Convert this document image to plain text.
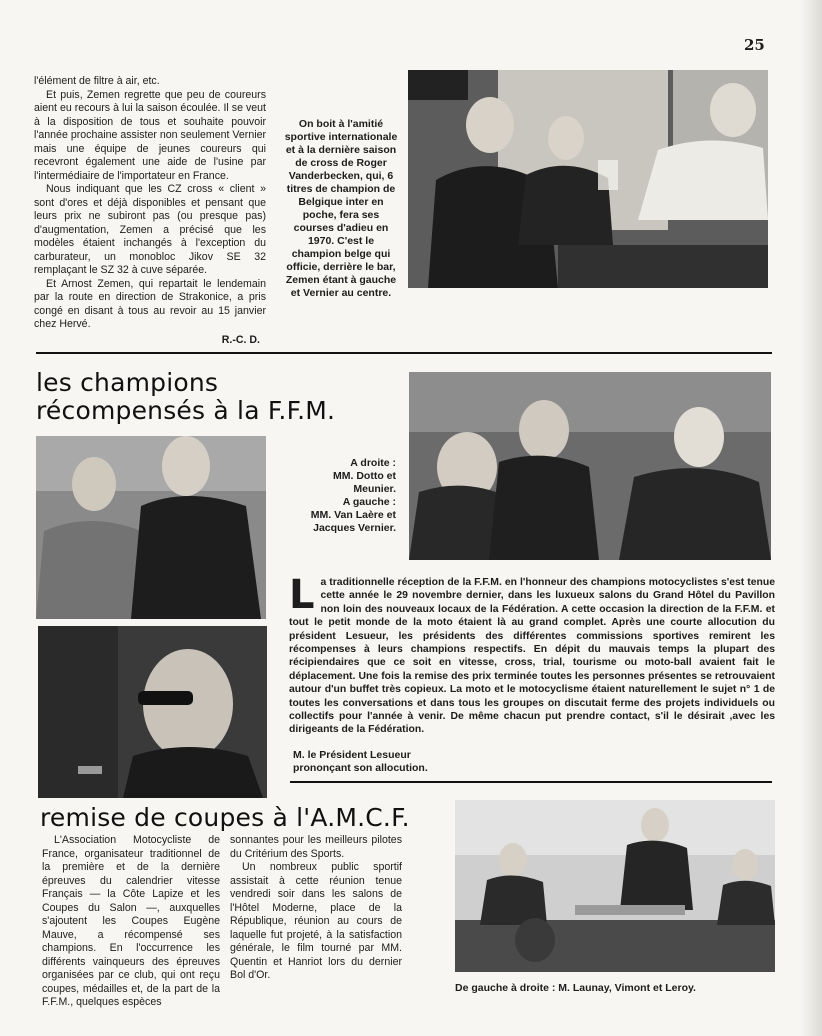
25

l'élément de filtre à air, etc.

Et puis, Zemen regrette que peu de coureurs aient eu recours à lui la saison écoulée. Il se veut à la disposition de tous et souhaite pouvoir l'année prochaine assister non seulement Vernier mais une équipe de jeunes coureurs qui recevront également une aide de l'usine par l'intermédiaire de l'importateur en France.

Nous indiquant que les CZ cross « client » sont d'ores et déjà disponibles et pensant que leurs prix ne subiront pas (ou presque pas) d'augmentation, Zemen a précisé que les modèles étaient inchangés à l'exception du carburateur, un monobloc Jikov SE 32 remplaçant le SZ 32 à cuve séparée.

Et Arnost Zemen, qui repartait le lendemain par la route en direction de Strakonice, a pris congé en disant à tous au revoir au 15 janvier chez Hervé.

R.-C. D.
On boit à l'amitié sportive internationale et à la dernière saison de cross de Roger Vanderbecken, qui, 6 titres de champion de Belgique inter en poche, fera ses courses d'adieu en 1970. C'est le champion belge qui officie, derrière le bar, Zemen étant à gauche et Vernier au centre.
les champions
récompensés à la F.F.M.
A droite :
MM. Dotto et
Meunier.
A gauche :
MM. Van Laère et
Jacques Vernier.
L a traditionnelle réception de la F.F.M. en l'honneur des champions motocyclistes s'est tenue cette année le 29 novembre dernier, dans les luxueux salons du Grand Hôtel du Pavillon non loin des nouveaux locaux de la Fédération. A cette occasion la direction de la F.F.M. et tout le petit monde de la moto étaient là au grand complet. Après une courte allocution du président Lesueur, les présidents des différentes commissions sportives remirent les récompenses à leurs champions respectifs. En dépit du mauvais temps la plupart des récipiendaires que ce soit en vitesse, cross, trial, tourisme ou moto-ball avaient fait le déplacement. Une fois la remise des prix terminée toutes les personnes présentes se retrouvaient autour d'un buffet très copieux. La moto et le motocyclisme étaient naturellement le sujet n° 1 de toutes les conversations et dans tous les groupes on discutait ferme des projets individuels ou collectifs pour l'année à venir. De même chacun put prendre contact, s'il le désirait ,avec les dirigeants de la Fédération.

M. le Président Lesueur
prononçant son allocution.
remise de coupes à l'A.M.C.F.

L'Association Motocycliste de France, organisateur traditionnel de la première et de la dernière épreuves du calendrier vitesse Français — la Côte Lapize et les Coupes du Salon —, auxquelles s'ajoutent les Coupes Eugène Mauve, a récompensé ses champions. En l'occurrence les différents vainqueurs des épreuves organisées par ce club, qui ont reçu coupes, médailles et, de la part de la F.F.M., quelques espèces

sonnantes pour les meilleurs pilotes du Critérium des Sports.

Un nombreux public sportif assistait à cette réunion tenue vendredi soir dans les salons de l'Hôtel Moderne, place de la République, réunion au cours de laquelle fut projeté, à la satisfaction générale, le film tourné par MM. Quentin et Hanriot lors du dernier Bol d'Or.

De gauche à droite : M. Launay, Vimont et Leroy.
